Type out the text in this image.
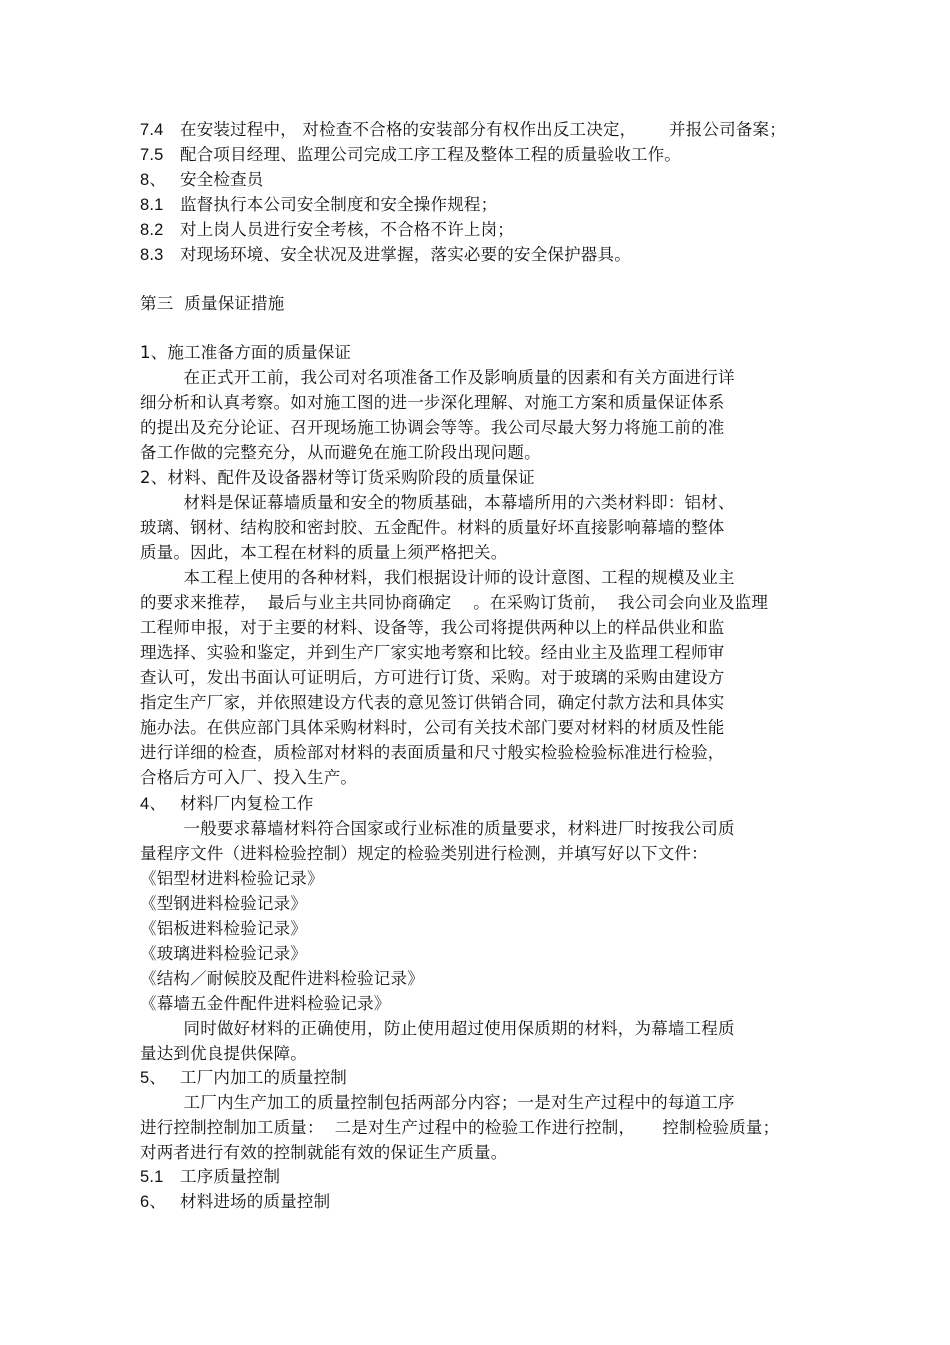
7.4 在安装过程中， 对检查不合格的安装部分有权作出反工决定，      并报公司备案；
7.5 配合项目经理、监理公司完成工序工程及整体工程的质量验收工作。
8、 安全检查员
8.1 监督执行本公司安全制度和安全操作规程；
8.2 对上岗人员进行安全考核，不合格不许上岗；
8.3 对现场环境、安全状况及进掌握，落实必要的安全保护器具。
第三  质量保证措施
1、施工准备方面的质量保证
在正式开工前，我公司对名项准备工作及影响质量的因素和有关方面进行详
细分析和认真考察。如对施工图的进一步深化理解、对施工方案和质量保证体系
的提出及充分论证、召开现场施工协调会等等。我公司尽最大努力将施工前的准
备工作做的完整充分，从而避免在施工阶段出现问题。
2、材料、配件及设备器材等订货采购阶段的质量保证
材料是保证幕墙质量和安全的物质基础，本幕墙所用的六类材料即：铝材、
玻璃、钢材、结构胶和密封胶、五金配件。材料的质量好坏直接影响幕墙的整体
质量。因此，本工程在材料的质量上须严格把关。
本工程上使用的各种材料，我们根据设计师的设计意图、工程的规模及业主
的要求来推荐，  最后与业主共同协商确定    。在采购订货前，  我公司会向业及监理
工程师申报，对于主要的材料、设备等，我公司将提供两种以上的样品供业和监
理选择、实验和鉴定，并到生产厂家实地考察和比较。经由业主及监理工程师审
查认可，发出书面认可证明后，方可进行订货、采购。对于玻璃的采购由建设方
指定生产厂家，并依照建设方代表的意见签订供销合同，确定付款方法和具体实
施办法。在供应部门具体采购材料时，公司有关技术部门要对材料的材质及性能
进行详细的检查，质检部对材料的表面质量和尺寸般实检验检验标准进行检验，
合格后方可入厂、投入生产。
4、 材料厂内复检工作
一般要求幕墙材料符合国家或行业标准的质量要求，材料进厂时按我公司质
量程序文件（进料检验控制）规定的检验类别进行检测，并填写好以下文件：
《铝型材进料检验记录》
《型钢进料检验记录》
《铝板进料检验记录》
《玻璃进料检验记录》
《结构／耐候胶及配件进料检验记录》
《幕墙五金件配件进料检验记录》
同时做好材料的正确使用，防止使用超过使用保质期的材料，为幕墙工程质
量达到优良提供保障。
5、 工厂内加工的质量控制
工厂内生产加工的质量控制包括两部分内容；一是对生产过程中的每道工序
进行控制控制加工质量：  二是对生产过程中的检验工作进行控制，     控制检验质量；
对两者进行有效的控制就能有效的保证生产质量。
5.1 工序质量控制
6、 材料进场的质量控制
